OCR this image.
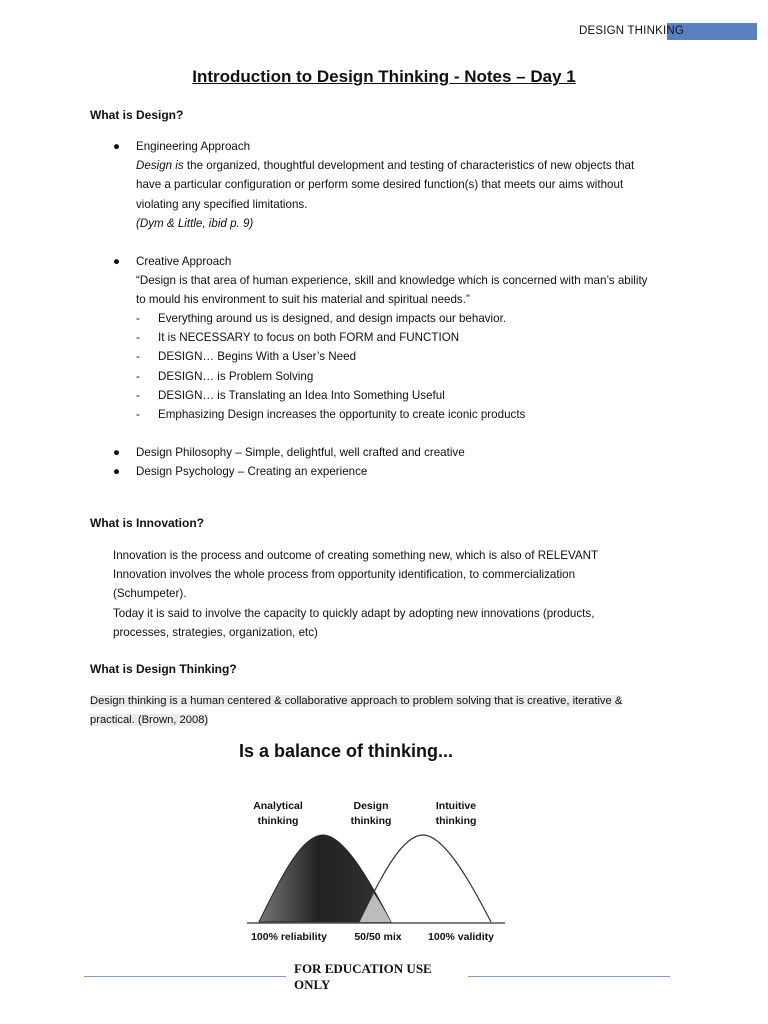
DESIGN THINKING
Introduction to Design Thinking - Notes – Day 1
What is Design?
● Engineering Approach
Design is the organized, thoughtful development and testing of characteristics of new objects that
have a particular configuration or perform some desired function(s) that meets our aims without
violating any specified limitations.
(Dym & Little, ibid p. 9)
● Creative Approach
“Design is that area of human experience, skill and knowledge which is concerned with man’s ability
to mould his environment to suit his material and spiritual needs.”
-	Everything around us is designed, and design impacts our behavior.
-	It is NECESSARY to focus on both FORM and FUNCTION
-	DESIGN… Begins With a User’s Need
-	DESIGN… is Problem Solving
-	DESIGN… is Translating an Idea Into Something Useful
-	Emphasizing Design increases the opportunity to create iconic products
● Design Philosophy – Simple, delightful, well crafted and creative
● Design Psychology – Creating an experience
What is Innovation?
Innovation is the process and outcome of creating something new, which is also of RELEVANT
Innovation involves the whole process from opportunity identification, to commercialization
(Schumpeter).
Today it is said to involve the capacity to quickly adapt by adopting new innovations (products,
processes, strategies, organization, etc)
What is Design Thinking?
Design thinking is a human centered & collaborative approach to problem solving that is creative, iterative &
practical. (Brown, 2008)
Is a balance of thinking...
Analytical
thinking
Design
thinking
Intuitive
thinking
100% reliability	50/50 mix	100% validity
FOR EDUCATION USE
ONLY
